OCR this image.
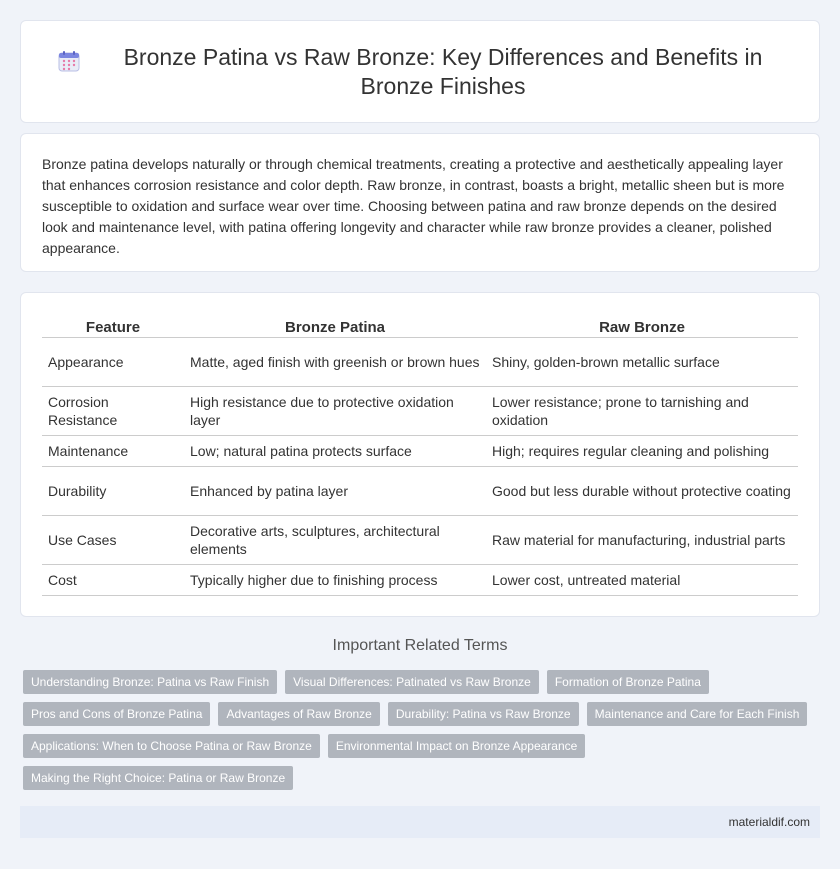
Bronze Patina vs Raw Bronze: Key Differences and Benefits in Bronze Finishes

Bronze patina develops naturally or through chemical treatments, creating a protective and aesthetically appealing layer that enhances corrosion resistance and color depth. Raw bronze, in contrast, boasts a bright, metallic sheen but is more susceptible to oxidation and surface wear over time. Choosing between patina and raw bronze depends on the desired look and maintenance level, with patina offering longevity and character while raw bronze provides a cleaner, polished appearance.

Feature	Bronze Patina	Raw Bronze
Appearance	Matte, aged finish with greenish or brown hues	Shiny, golden-brown metallic surface
Corrosion Resistance	High resistance due to protective oxidation layer	Lower resistance; prone to tarnishing and oxidation
Maintenance	Low; natural patina protects surface	High; requires regular cleaning and polishing
Durability	Enhanced by patina layer	Good but less durable without protective coating
Use Cases	Decorative arts, sculptures, architectural elements	Raw material for manufacturing, industrial parts
Cost	Typically higher due to finishing process	Lower cost, untreated material
Important Related Terms
Understanding Bronze: Patina vs Raw Finish	Visual Differences: Patinated vs Raw Bronze	Formation of Bronze Patina
Pros and Cons of Bronze Patina	Advantages of Raw Bronze	Durability: Patina vs Raw Bronze	Maintenance and Care for Each Finish
Applications: When to Choose Patina or Raw Bronze	Environmental Impact on Bronze Appearance
Making the Right Choice: Patina or Raw Bronze
materialdif.com
